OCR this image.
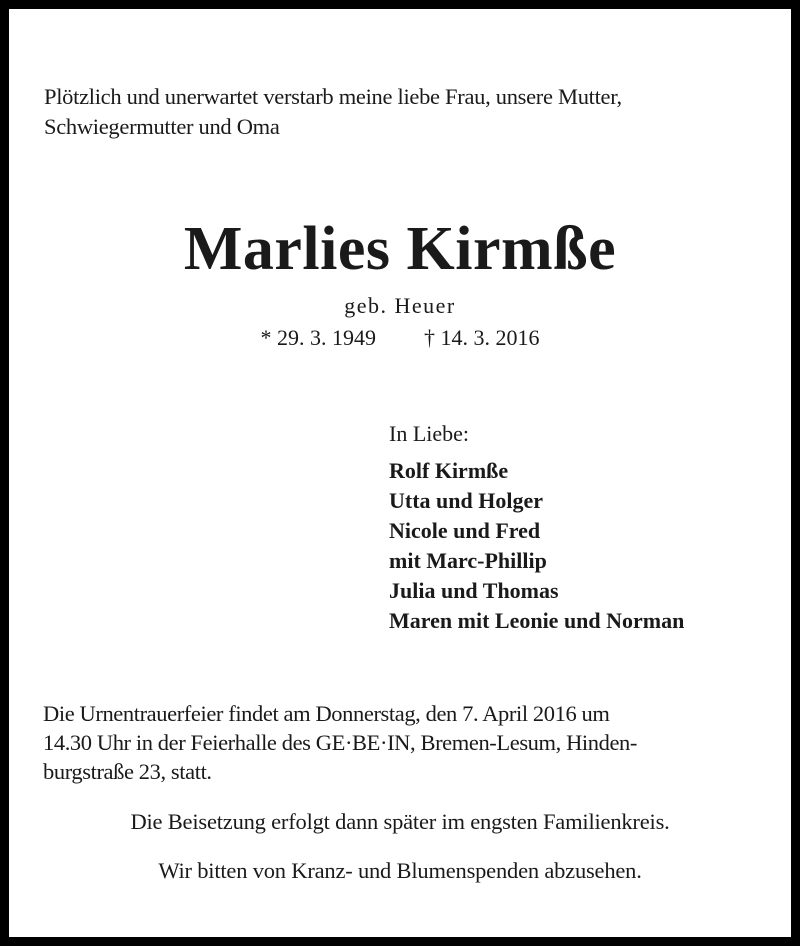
Plötzlich und unerwartet verstarb meine liebe Frau, unsere Mutter,
Schwiegermutter und Oma
Marlies Kirmße
geb. Heuer
* 29. 3. 1949 † 14. 3. 2016
In Liebe:
Rolf Kirmße
Utta und Holger
Nicole und Fred
mit Marc-Phillip
Julia und Thomas
Maren mit Leonie und Norman
Die Urnentrauerfeier findet am Donnerstag, den 7. April 2016 um
14.30 Uhr in der Feierhalle des GE·BE·IN, Bremen-Lesum, Hinden-
burgstraße 23, statt.
Die Beisetzung erfolgt dann später im engsten Familienkreis.
Wir bitten von Kranz- und Blumenspenden abzusehen.
